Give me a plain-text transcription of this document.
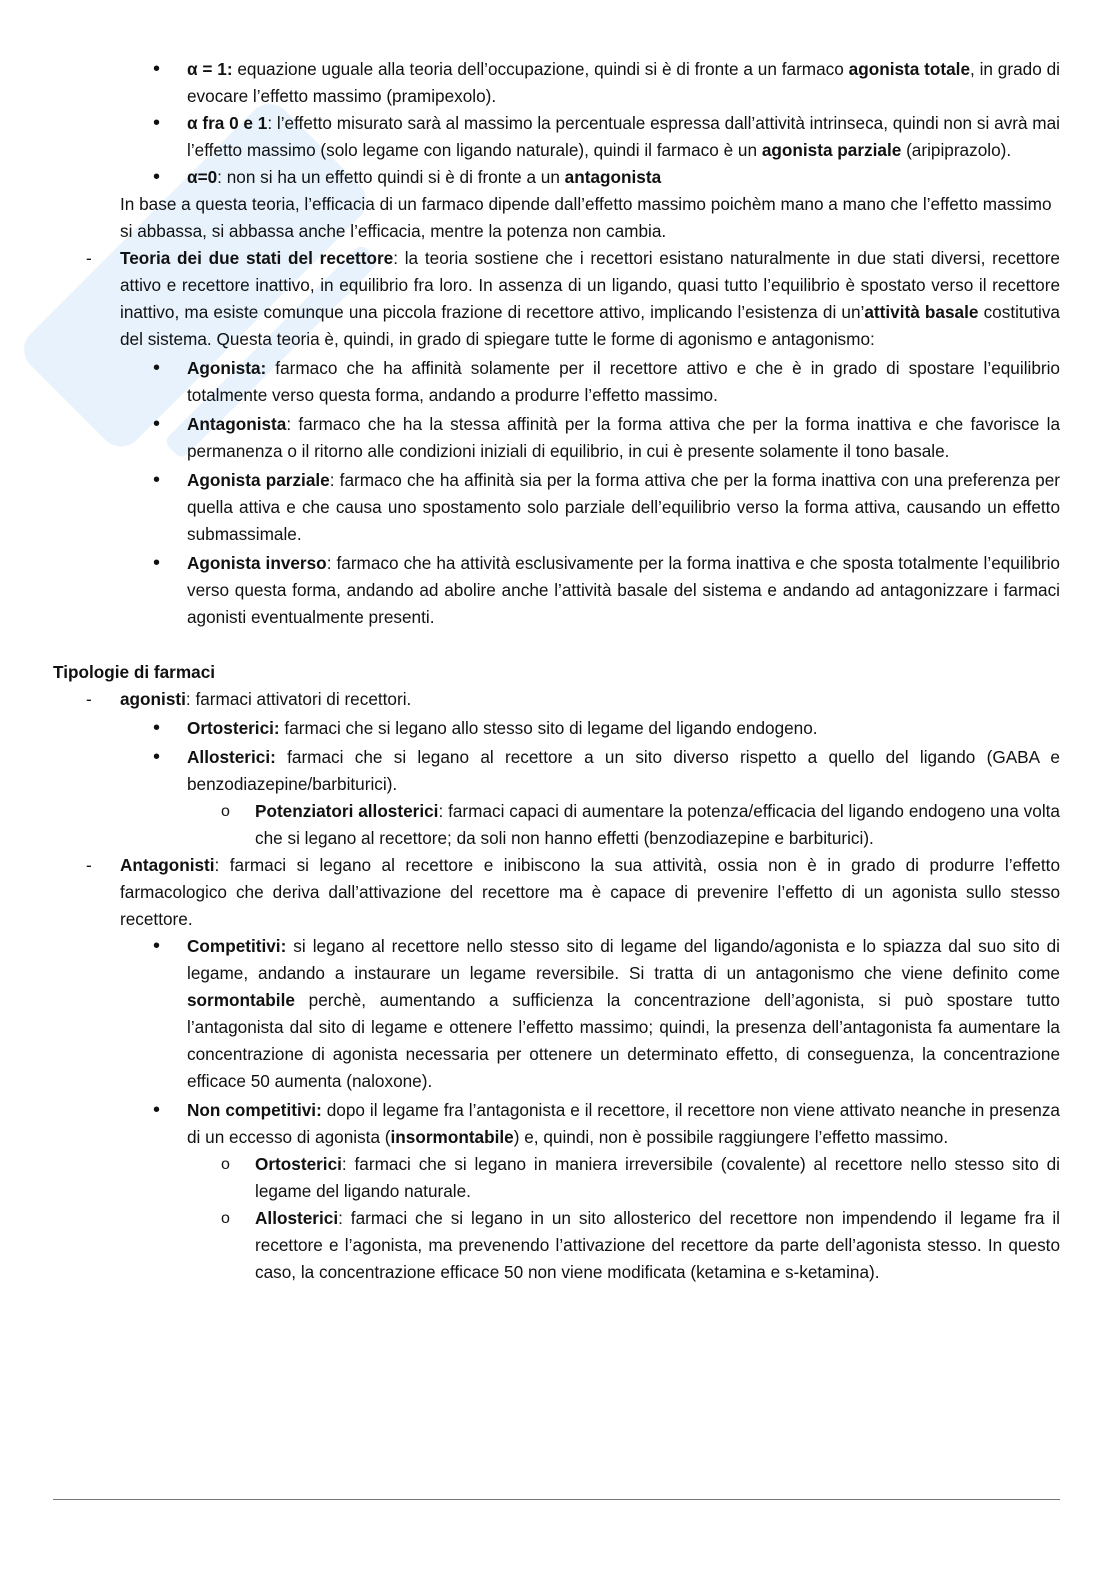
• α = 1: equazione uguale alla teoria dell’occupazione, quindi si è di fronte a un farmaco agonista totale, in grado di evocare l’effetto massimo (pramipexolo).
• α fra 0 e 1: l’effetto misurato sarà al massimo la percentuale espressa dall’attività intrinseca, quindi non si avrà mai l’effetto massimo (solo legame con ligando naturale), quindi il farmaco è un agonista parziale (aripiprazolo).
• α=0: non si ha un effetto quindi si è di fronte a un antagonista

In base a questa teoria, l’efficacia di un farmaco dipende dall’effetto massimo poichèm mano a mano che l’effetto massimo si abbassa, si abbassa anche l’efficacia, mentre la potenza non cambia.

- Teoria dei due stati del recettore: la teoria sostiene che i recettori esistano naturalmente in due stati diversi, recettore attivo e recettore inattivo, in equilibrio fra loro. In assenza di un ligando, quasi tutto l’equilibrio è spostato verso il recettore inattivo, ma esiste comunque una piccola frazione di recettore attivo, implicando l’esistenza di un’attività basale costitutiva del sistema. Questa teoria è, quindi, in grado di spiegare tutte le forme di agonismo e antagonismo:
• Agonista: farmaco che ha affinità solamente per il recettore attivo e che è in grado di spostare l’equilibrio totalmente verso questa forma, andando a produrre l’effetto massimo.
• Antagonista: farmaco che ha la stessa affinità per la forma attiva che per la forma inattiva e che favorisce la permanenza o il ritorno alle condizioni iniziali di equilibrio, in cui è presente solamente il tono basale.
• Agonista parziale: farmaco che ha affinità sia per la forma attiva che per la forma inattiva con una preferenza per quella attiva e che causa uno spostamento solo parziale dell’equilibrio verso la forma attiva, causando un effetto submassimale.
• Agonista inverso: farmaco che ha attività esclusivamente per la forma inattiva e che sposta totalmente l’equilibrio verso questa forma, andando ad abolire anche l’attività basale del sistema e andando ad antagonizzare i farmaci agonisti eventualmente presenti.

Tipologie di farmaci

- agonisti: farmaci attivatori di recettori.
• Ortosterici: farmaci che si legano allo stesso sito di legame del ligando endogeno.
• Allosterici: farmaci che si legano al recettore a un sito diverso rispetto a quello del ligando (GABA e benzodiazepine/barbiturici).
o Potenziatori allosterici: farmaci capaci di aumentare la potenza/efficacia del ligando endogeno una volta che si legano al recettore; da soli non hanno effetti (benzodiazepine e barbiturici).
- Antagonisti: farmaci si legano al recettore e inibiscono la sua attività, ossia non è in grado di produrre l’effetto farmacologico che deriva dall’attivazione del recettore ma è capace di prevenire l’effetto di un agonista sullo stesso recettore.
• Competitivi: si legano al recettore nello stesso sito di legame del ligando/agonista e lo spiazza dal suo sito di legame, andando a instaurare un legame reversibile. Si tratta di un antagonismo che viene definito come sormontabile perchè, aumentando a sufficienza la concentrazione dell’agonista, si può spostare tutto l’antagonista dal sito di legame e ottenere l’effetto massimo; quindi, la presenza dell’antagonista fa aumentare la concentrazione di agonista necessaria per ottenere un determinato effetto, di conseguenza, la concentrazione efficace 50 aumenta (naloxone).
• Non competitivi: dopo il legame fra l’antagonista e il recettore, il recettore non viene attivato neanche in presenza di un eccesso di agonista (insormontabile) e, quindi, non è possibile raggiungere l’effetto massimo.
o Ortosterici: farmaci che si legano in maniera irreversibile (covalente) al recettore nello stesso sito di legame del ligando naturale.
o Allosterici: farmaci che si legano in un sito allosterico del recettore non impendendo il legame fra il recettore e l’agonista, ma prevenendo l’attivazione del recettore da parte dell’agonista stesso. In questo caso, la concentrazione efficace 50 non viene modificata (ketamina e s-ketamina).
